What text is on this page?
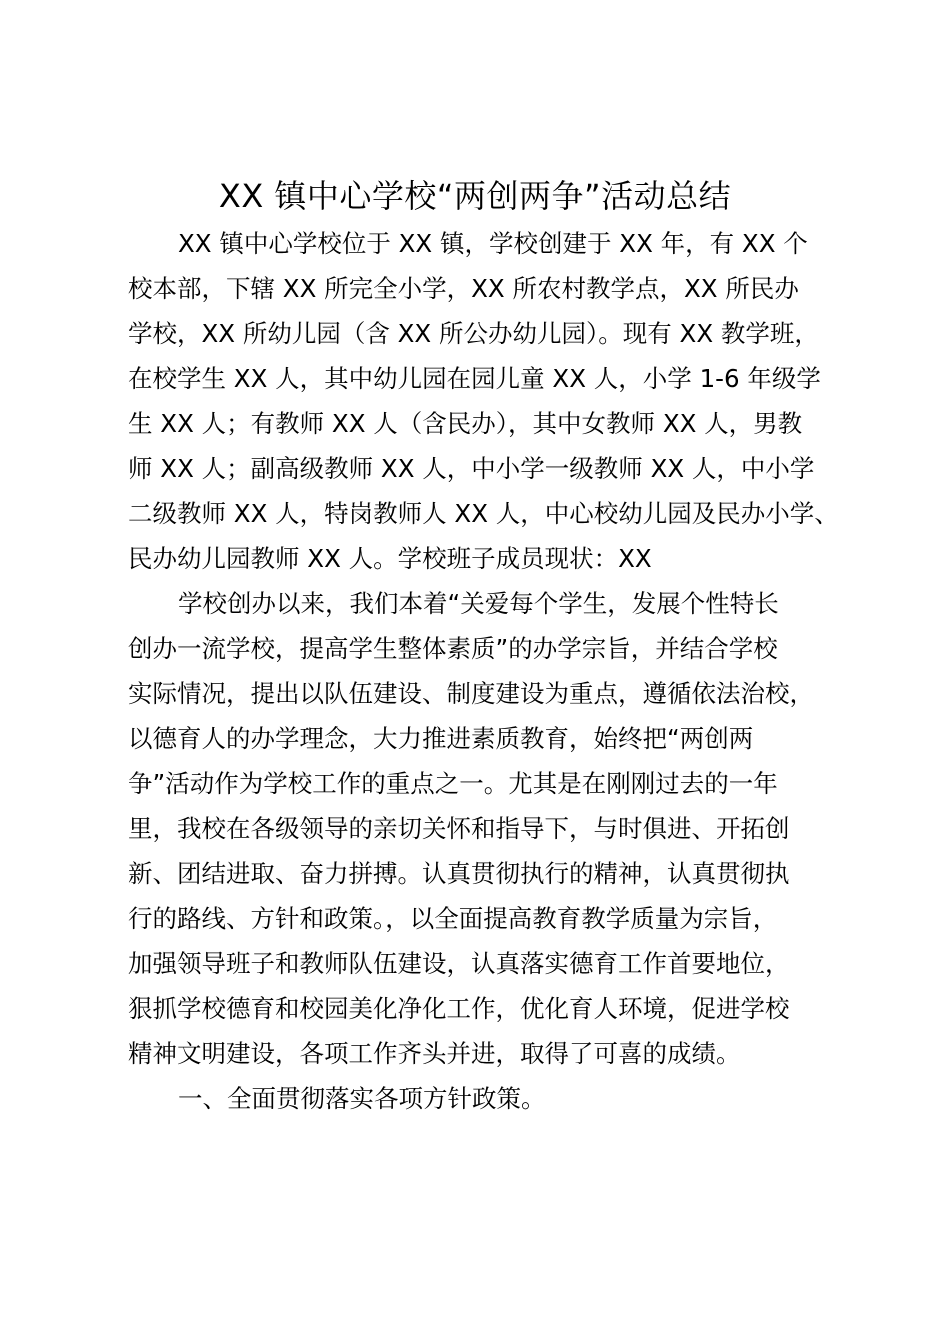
XX 镇中心学校“两创两争”活动总结

XX 镇中心学校位于 XX 镇，学校创建于 XX 年，有 XX 个

校本部，下辖 XX 所完全小学，XX 所农村教学点，XX 所民办

学校，XX 所幼儿园（含 XX 所公办幼儿园）。现有 XX 教学班，

在校学生 XX 人，其中幼儿园在园儿童 XX 人，小学 1-6 年级学

生 XX 人；有教师 XX 人（含民办），其中女教师 XX 人，男教

师 XX 人；副高级教师 XX 人，中小学一级教师 XX 人，中小学

二级教师 XX 人，特岗教师人 XX 人，中心校幼儿园及民办小学、

民办幼儿园教师 XX 人。学校班子成员现状：XX

学校创办以来，我们本着“关爱每个学生，发展个性特长

创办一流学校，提高学生整体素质”的办学宗旨，并结合学校

实际情况，提出以队伍建设、制度建设为重点，遵循依法治校，

以德育人的办学理念，大力推进素质教育，始终把“两创两

争”活动作为学校工作的重点之一。尤其是在刚刚过去的一年

里，我校在各级领导的亲切关怀和指导下，与时俱进、开拓创

新、团结进取、奋力拼搏。认真贯彻执行的精神，认真贯彻执

行的路线、方针和政策。，以全面提高教育教学质量为宗旨，

加强领导班子和教师队伍建设，认真落实德育工作首要地位，

狠抓学校德育和校园美化净化工作，优化育人环境，促进学校

精神文明建设，各项工作齐头并进，取得了可喜的成绩。

一、全面贯彻落实各项方针政策。
